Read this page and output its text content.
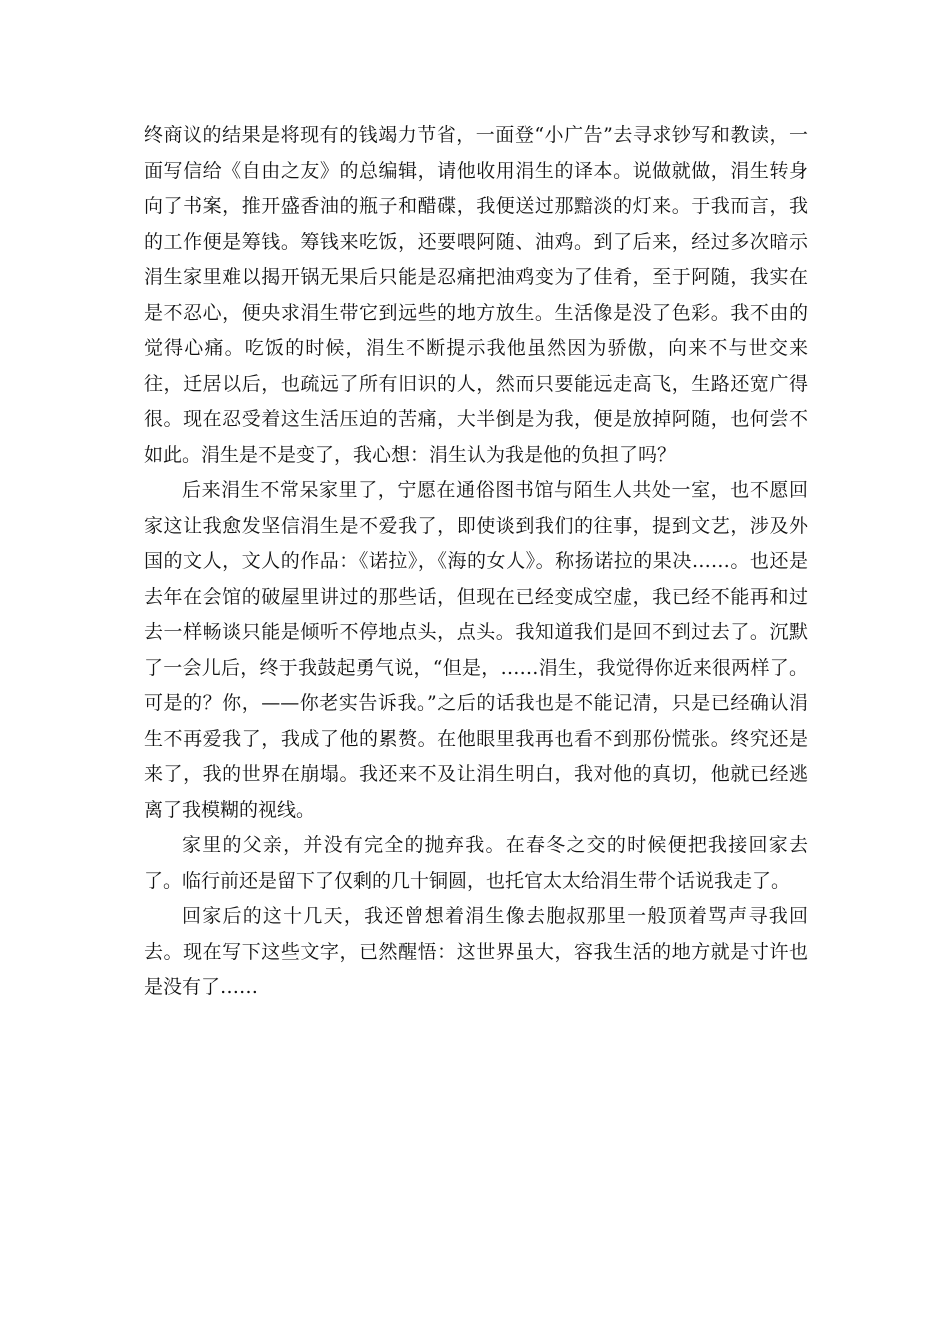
终商议的结果是将现有的钱竭力节省，一面登“小广告”去寻求钞写和教读，一面写信给《自由之友》的总编辑，请他收用涓生的译本。说做就做，涓生转身向了书案，推开盛香油的瓶子和醋碟，我便送过那黯淡的灯来。于我而言，我的工作便是筹钱。筹钱来吃饭，还要喂阿随、油鸡。到了后来，经过多次暗示涓生家里难以揭开锅无果后只能是忍痛把油鸡变为了佳肴，至于阿随，我实在是不忍心，便央求涓生带它到远些的地方放生。生活像是没了色彩。我不由的觉得心痛。吃饭的时候，涓生不断提示我他虽然因为骄傲，向来不与世交来往，迁居以后，也疏远了所有旧识的人，然而只要能远走高飞，生路还宽广得很。现在忍受着这生活压迫的苦痛，大半倒是为我，便是放掉阿随，也何尝不如此。涓生是不是变了，我心想：涓生认为我是他的负担了吗？

后来涓生不常呆家里了，宁愿在通俗图书馆与陌生人共处一室，也不愿回家这让我愈发坚信涓生是不爱我了，即使谈到我们的往事，提到文艺，涉及外国的文人，文人的作品：《诺拉》，《海的女人》。称扬诺拉的果决……。也还是去年在会馆的破屋里讲过的那些话，但现在已经变成空虚，我已经不能再和过去一样畅谈只能是倾听不停地点头，点头。我知道我们是回不到过去了。沉默了一会儿后，终于我鼓起勇气说，“但是，……涓生，我觉得你近来很两样了。可是的？你，——你老实告诉我。”之后的话我也是不能记清，只是已经确认涓生不再爱我了，我成了他的累赘。在他眼里我再也看不到那份慌张。终究还是来了，我的世界在崩塌。我还来不及让涓生明白，我对他的真切，他就已经逃离了我模糊的视线。

家里的父亲，并没有完全的抛弃我。在春冬之交的时候便把我接回家去了。临行前还是留下了仅剩的几十铜圆，也托官太太给涓生带个话说我走了。

回家后的这十几天，我还曾想着涓生像去胞叔那里一般顶着骂声寻我回去。现在写下这些文字，已然醒悟：这世界虽大，容我生活的地方就是寸许也是没有了……
